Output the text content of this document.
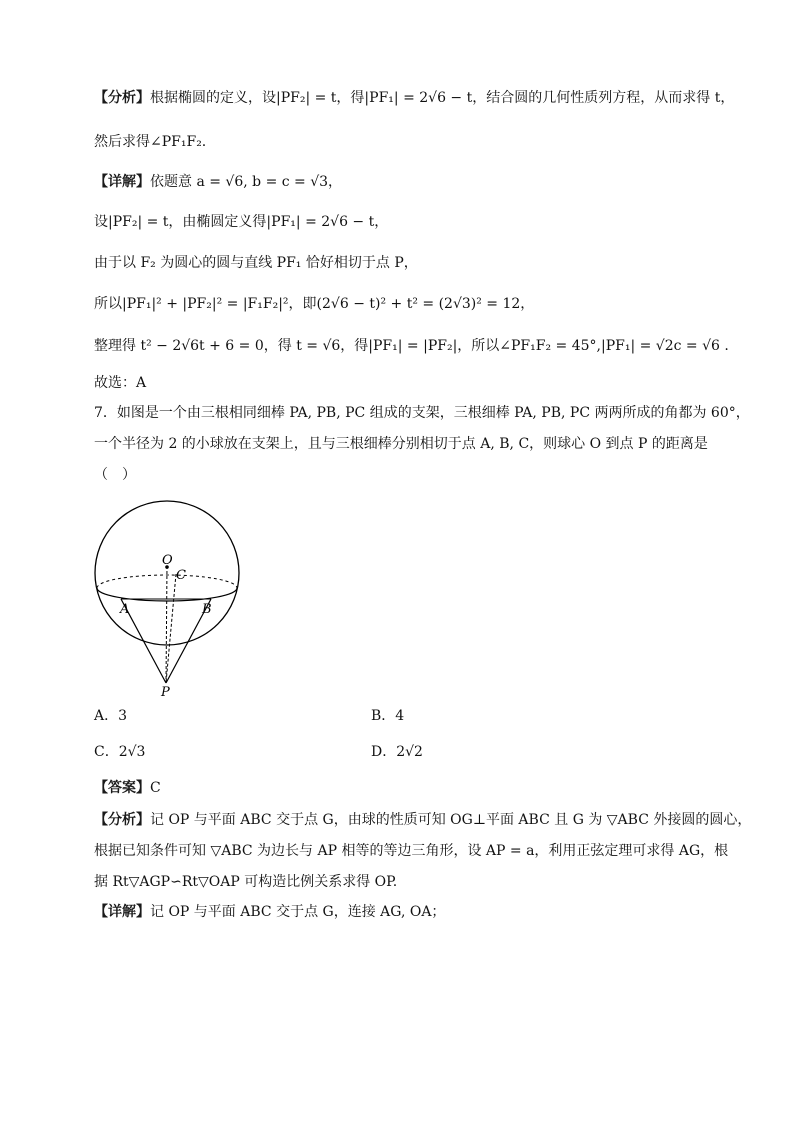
【分析】根据椭圆的定义，设|PF₂| = t，得|PF₁| = 2√6 − t，结合圆的几何性质列方程，从而求得 t，
然后求得∠PF₁F₂.
【详解】依题意 a = √6, b = c = √3，
设|PF₂| = t，由椭圆定义得|PF₁| = 2√6 − t，
由于以 F₂ 为圆心的圆与直线 PF₁ 恰好相切于点 P，
所以|PF₁|² + |PF₂|² = |F₁F₂|²，即(2√6 − t)² + t² = (2√3)² = 12，
整理得 t² − 2√6t + 6 = 0，得 t = √6，得|PF₁| = |PF₂|，所以∠PF₁F₂ = 45°,|PF₁| = √2c = √6 .
故选：A
7．如图是一个由三根相同细棒 PA, PB, PC 组成的支架，三根细棒 PA, PB, PC 两两所成的角都为 60°，
一个半径为 2 的小球放在支架上，且与三根细棒分别相切于点 A, B, C，则球心 O 到点 P 的距离是
（　）
O
C
A	B
P
A．3	B．4
C．2√3	D．2√2
【答案】C
【分析】记 OP 与平面 ABC 交于点 G，由球的性质可知 OG⊥平面 ABC 且 G 为 ▽ABC 外接圆的圆心，
根据已知条件可知 ▽ABC 为边长与 AP 相等的等边三角形，设 AP = a，利用正弦定理可求得 AG，根
据 Rt▽AGP∽Rt▽OAP 可构造比例关系求得 OP.
【详解】记 OP 与平面 ABC 交于点 G，连接 AG, OA；
